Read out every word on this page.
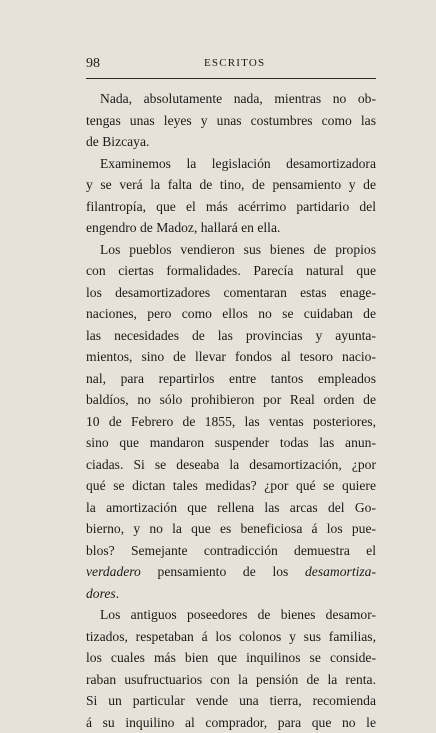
98	ESCRITOS
Nada, absolutamente nada, mientras no ob-
tengas unas leyes y unas costumbres como las
de Bizcaya.
Examinemos la legislación desamortizadora
y se verá la falta de tino, de pensamiento y de
filantropía, que el más acérrimo partidario del
engendro de Madoz, hallará en ella.
Los pueblos vendieron sus bienes de propios
con ciertas formalidades. Parecía natural que
los desamortizadores comentaran estas enage-
naciones, pero como ellos no se cuidaban de
las necesidades de las provincias y ayunta-
mientos, sino de llevar fondos al tesoro nacio-
nal, para repartirlos entre tantos empleados
baldíos, no sólo prohibieron por Real orden de
10 de Febrero de 1855, las ventas posteriores,
sino que mandaron suspender todas las anun-
ciadas. Si se deseaba la desamortización, ¿por
qué se dictan tales medidas? ¿por qué se quiere
la amortización que rellena las arcas del Go-
bierno, y no la que es beneficiosa á los pue-
blos? Semejante contradicción demuestra el
verdadero pensamiento de los desamortiza-
dores.
Los antiguos poseedores de bienes desamor-
tizados, respetaban á los colonos y sus familias,
los cuales más bien que inquilinos se conside-
raban usufructuarios con la pensión de la renta.
Si un particular vende una tierra, recomienda
á su inquilino al comprador, para que no le
